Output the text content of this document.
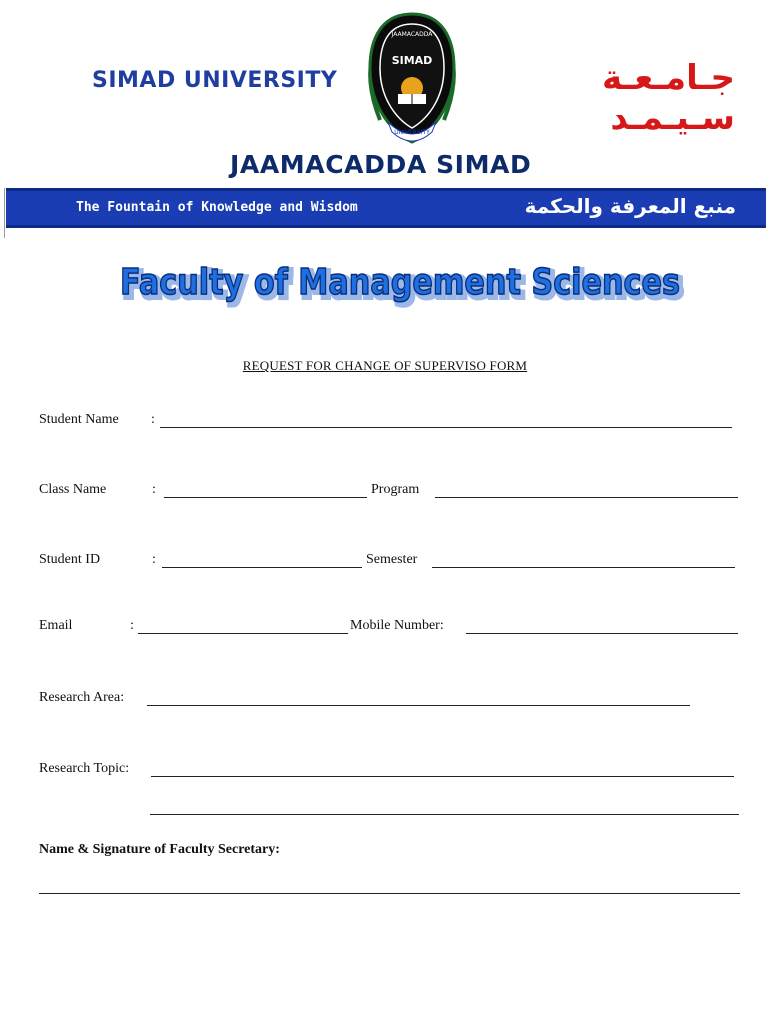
SIMAD UNIVERSITY
SIMAD
JAAMACADDA
UNIVERSITY
جـامـعـة سـيـمـد
JAAMACADDA SIMAD
The Fountain of Knowledge and Wisdom	منبع المعرفة والحكمة
Faculty of Management Sciences
Faculty of Management Sciences
REQUEST FOR CHANGE OF SUPERVISO FORM
Student Name :
Class Name	:	Program
Student ID	:	Semester
Email	:	Mobile Number:
Research Area:
Research Topic:
Name & Signature of Faculty Secretary:
